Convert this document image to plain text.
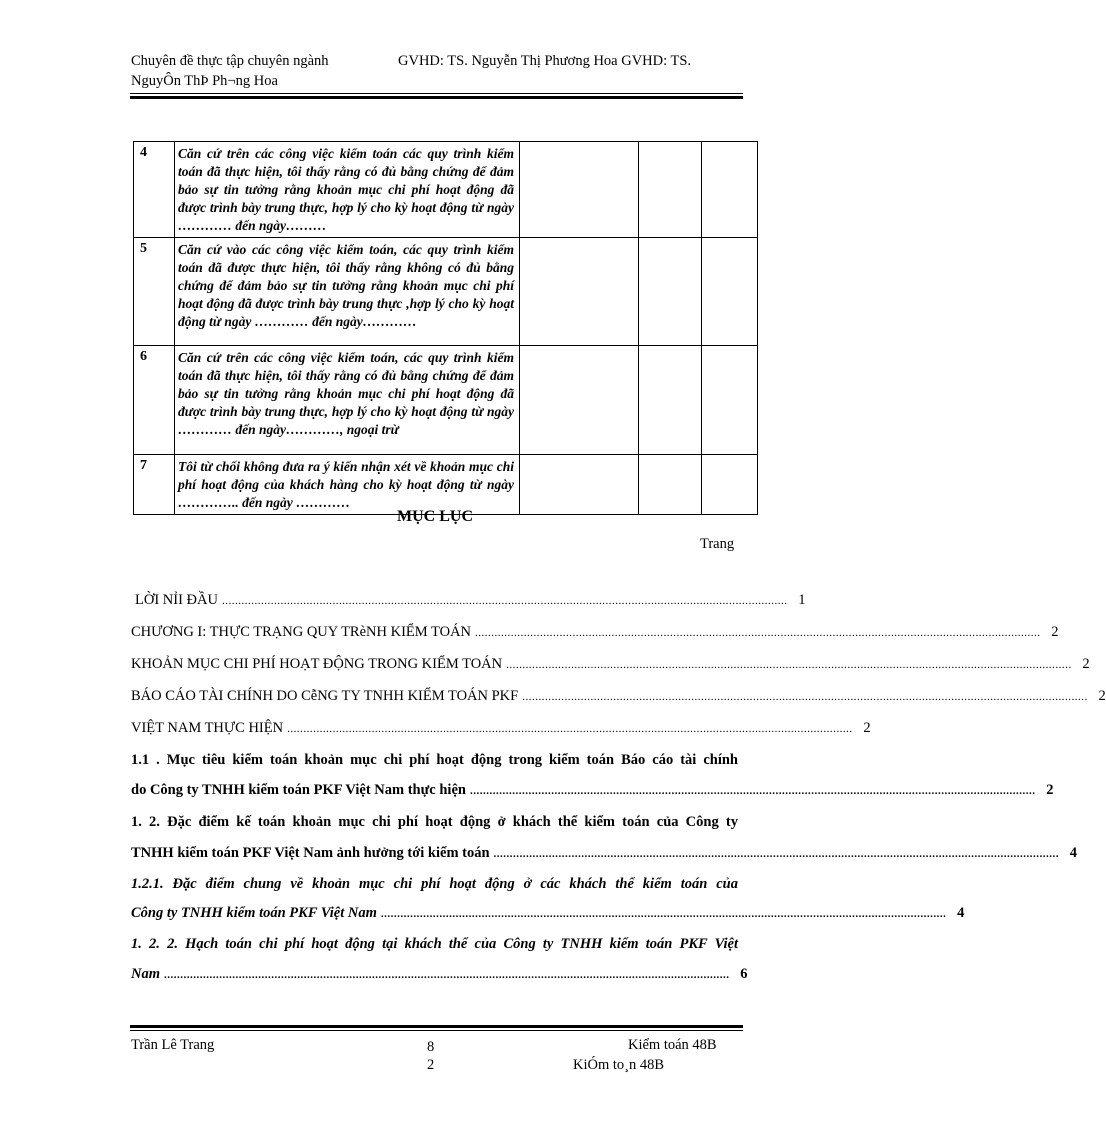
Chuyên đề thực tập chuyên ngành	GVHD: TS. Nguyễn Thị Phương Hoa GVHD: TS.
NguyÔn ThÞ Ph¬ng Hoa
4	Căn cứ trên các công việc kiểm toán các quy trình kiểm toán đã thực hiện, tôi thấy rằng có đủ bằng chứng để đảm bảo sự tin tưởng rằng khoản mục chi phí hoạt động đã được trình bày trung thực, hợp lý cho kỳ hoạt động từ ngày ………… đến ngày………			
5	Căn cứ vào các công việc kiểm toán, các quy trình kiểm toán đã được thực hiện, tôi thấy rằng không có đủ bằng chứng để đảm bảo sự tin tưởng rằng khoản mục chi phí hoạt động đã được trình bày trung thực ,hợp lý cho kỳ hoạt động từ ngày ………… đến ngày…………			
6	Căn cứ trên các công việc kiểm toán, các quy trình kiểm toán đã thực hiện, tôi thấy rằng có đủ bằng chứng để đảm bảo sự tin tưởng rằng khoản mục chi phí hoạt động đã được trình bày trung thực, hợp lý cho kỳ hoạt động từ ngày ………… đến ngày…………, ngoại trừ			
7	Tôi từ chối không đưa ra ý kiến nhận xét về khoản mục chi phí hoạt động của khách hàng cho kỳ hoạt động từ ngày ………….. đến ngày …………			
MỤC LỤC
Trang
LỜI NỈI ĐẦU .............................................................................................................................................................................. 1
CHƯƠNG I: THỰC TRẠNG QUY TRèNH KIỂM TOÁN .............................................................................................................................................................................. 2
KHOẢN MỤC CHI PHÍ HOẠT ĐỘNG TRONG KIỂM TOÁN .............................................................................................................................................................................. 2
BÁO CÁO TÀI CHÍNH DO CễNG TY TNHH KIỂM TOÁN PKF .............................................................................................................................................................................. 2
VIỆT NAM THỰC HIỆN .............................................................................................................................................................................. 2
1.1 . Mục tiêu kiểm toán khoản mục chi phí hoạt động trong kiểm toán Báo cáo tài chính
do Công ty TNHH kiểm toán PKF Việt Nam thực hiện .............................................................................................................................................................................. 2
1. 2. Đặc điểm kế toán khoản mục chi phí hoạt động ở khách thể kiểm toán của Công ty
TNHH kiểm toán PKF Việt Nam ảnh hưởng tới kiểm toán .............................................................................................................................................................................. 4
1.2.1. Đặc điểm chung về khoản mục chi phí hoạt động ở các khách thể kiểm toán của
Công ty TNHH kiểm toán PKF Việt Nam .............................................................................................................................................................................. 4
1. 2. 2. Hạch toán chi phí hoạt động tại khách thể của Công ty TNHH kiểm toán PKF Việt
Nam .............................................................................................................................................................................. 6
Trần Lê Trang	8
2
Kiểm toán 48B
KiÓm to¸n 48B
